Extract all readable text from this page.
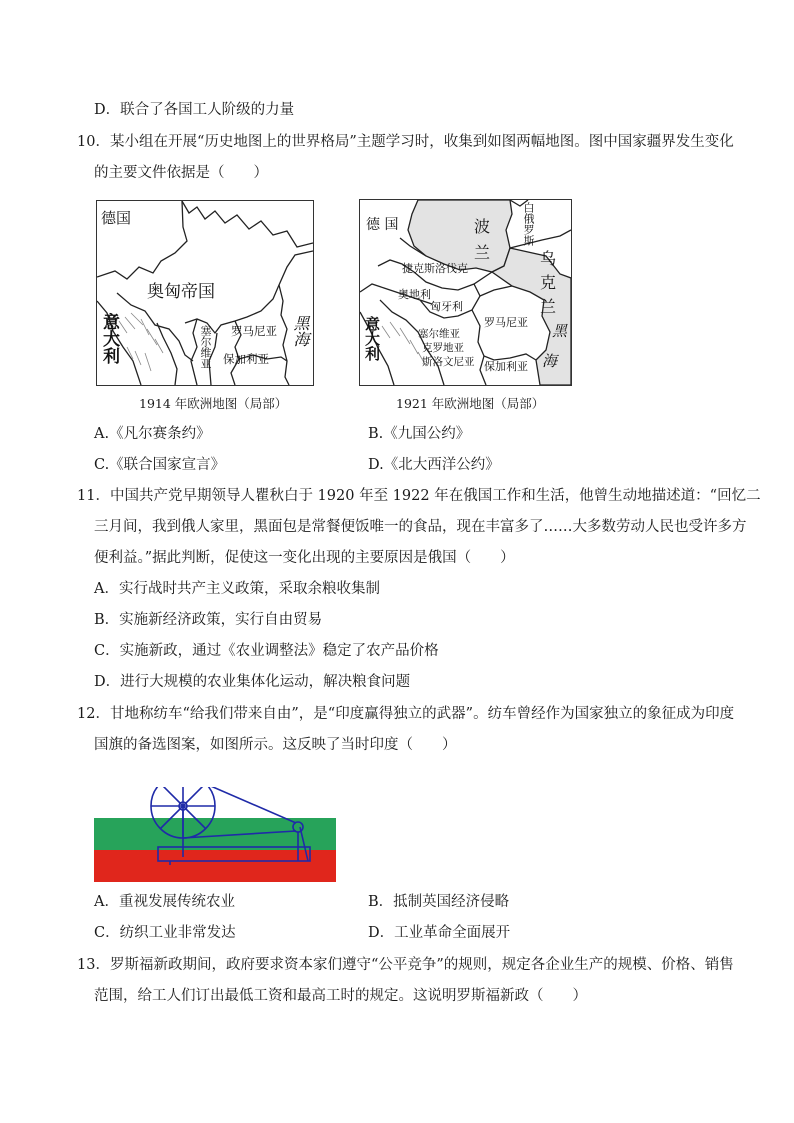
D．联合了各国工人阶级的力量
10．某小组在开展“历史地图上的世界格局”主题学习时，收集到如图两幅地图。图中国家疆界发生变化
的主要文件依据是（　　）
德国
奥匈帝国
意大利	塞尔维亚 罗马尼亚
保加利亚
黑海
1914 年欧洲地图（局部）
德 国	波
兰
白俄罗斯
捷克斯洛伐克
乌
克
兰
奥地利
匈牙利
罗马尼亚
意大利	塞尔维亚
克罗地亚
斯洛文尼亚 保加利亚
黑
海
1921 年欧洲地图（局部）
A.《凡尔赛条约》	B.《九国公约》
C.《联合国家宣言》	D.《北大西洋公约》
11．中国共产党早期领导人瞿秋白于 1920 年至 1922 年在俄国工作和生活，他曾生动地描述道：“回忆二
三月间，我到俄人家里，黑面包是常餐便饭唯一的食品，现在丰富多了……大多数劳动人民也受许多方
便利益。”据此判断，促使这一变化出现的主要原因是俄国（　　）
A．实行战时共产主义政策，采取余粮收集制
B．实施新经济政策，实行自由贸易
C．实施新政，通过《农业调整法》稳定了农产品价格
D．进行大规模的农业集体化运动，解决粮食问题
12．甘地称纺车“给我们带来自由”，是“印度赢得独立的武器”。纺车曾经作为国家独立的象征成为印度
国旗的备选图案，如图所示。这反映了当时印度（　　）
A．重视发展传统农业	B．抵制英国经济侵略
C．纺织工业非常发达	D．工业革命全面展开
13．罗斯福新政期间，政府要求资本家们遵守“公平竞争”的规则，规定各企业生产的规模、价格、销售
范围，给工人们订出最低工资和最高工时的规定。这说明罗斯福新政（　　）
